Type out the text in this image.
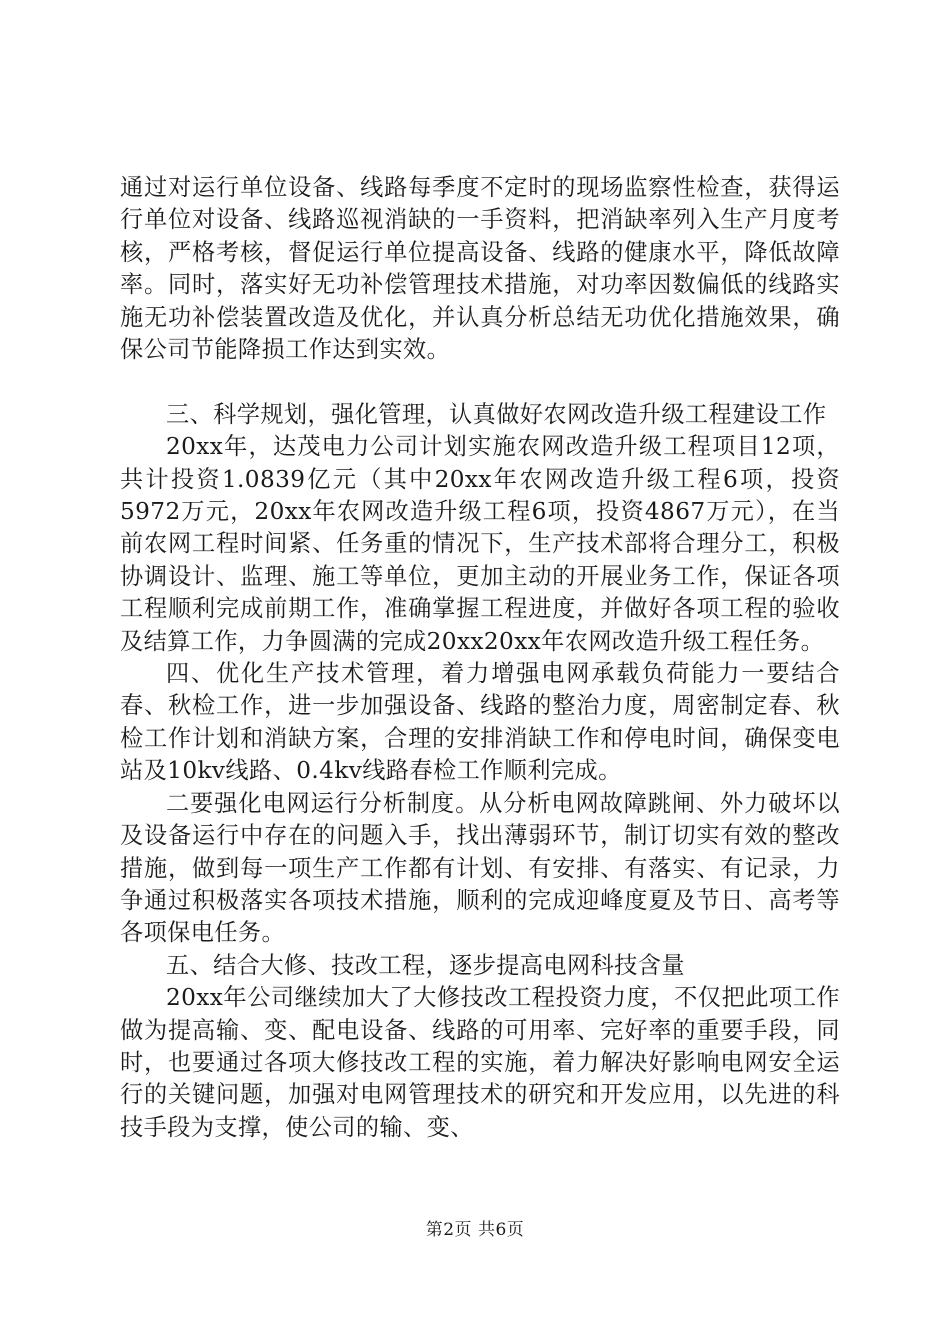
通过对运行单位设备、线路每季度不定时的现场监察性检查，获得运行单位对设备、线路巡视消缺的一手资料，把消缺率列入生产月度考核，严格考核，督促运行单位提高设备、线路的健康水平，降低故障率。同时，落实好无功补偿管理技术措施，对功率因数偏低的线路实施无功补偿装置改造及优化，并认真分析总结无功优化措施效果，确保公司节能降损工作达到实效。

三、科学规划，强化管理，认真做好农网改造升级工程建设工作

20xx年，达茂电力公司计划实施农网改造升级工程项目12项，共计投资1.0839亿元（其中20xx年农网改造升级工程6项，投资5972万元，20xx年农网改造升级工程6项，投资4867万元），在当前农网工程时间紧、任务重的情况下，生产技术部将合理分工，积极协调设计、监理、施工等单位，更加主动的开展业务工作，保证各项工程顺利完成前期工作，准确掌握工程进度，并做好各项工程的验收及结算工作，力争圆满的完成20xx20xx年农网改造升级工程任务。

四、优化生产技术管理，着力增强电网承载负荷能力一要结合春、秋检工作，进一步加强设备、线路的整治力度，周密制定春、秋检工作计划和消缺方案，合理的安排消缺工作和停电时间，确保变电站及10kv线路、0.4kv线路春检工作顺利完成。

二要强化电网运行分析制度。从分析电网故障跳闸、外力破坏以及设备运行中存在的问题入手，找出薄弱环节，制订切实有效的整改措施，做到每一项生产工作都有计划、有安排、有落实、有记录，力争通过积极落实各项技术措施，顺利的完成迎峰度夏及节日、高考等各项保电任务。

五、结合大修、技改工程，逐步提高电网科技含量

20xx年公司继续加大了大修技改工程投资力度，不仅把此项工作做为提高输、变、配电设备、线路的可用率、完好率的重要手段，同时，也要通过各项大修技改工程的实施，着力解决好影响电网安全运行的关键问题，加强对电网管理技术的研究和开发应用，以先进的科技手段为支撑，使公司的输、变、

第2页 共6页
